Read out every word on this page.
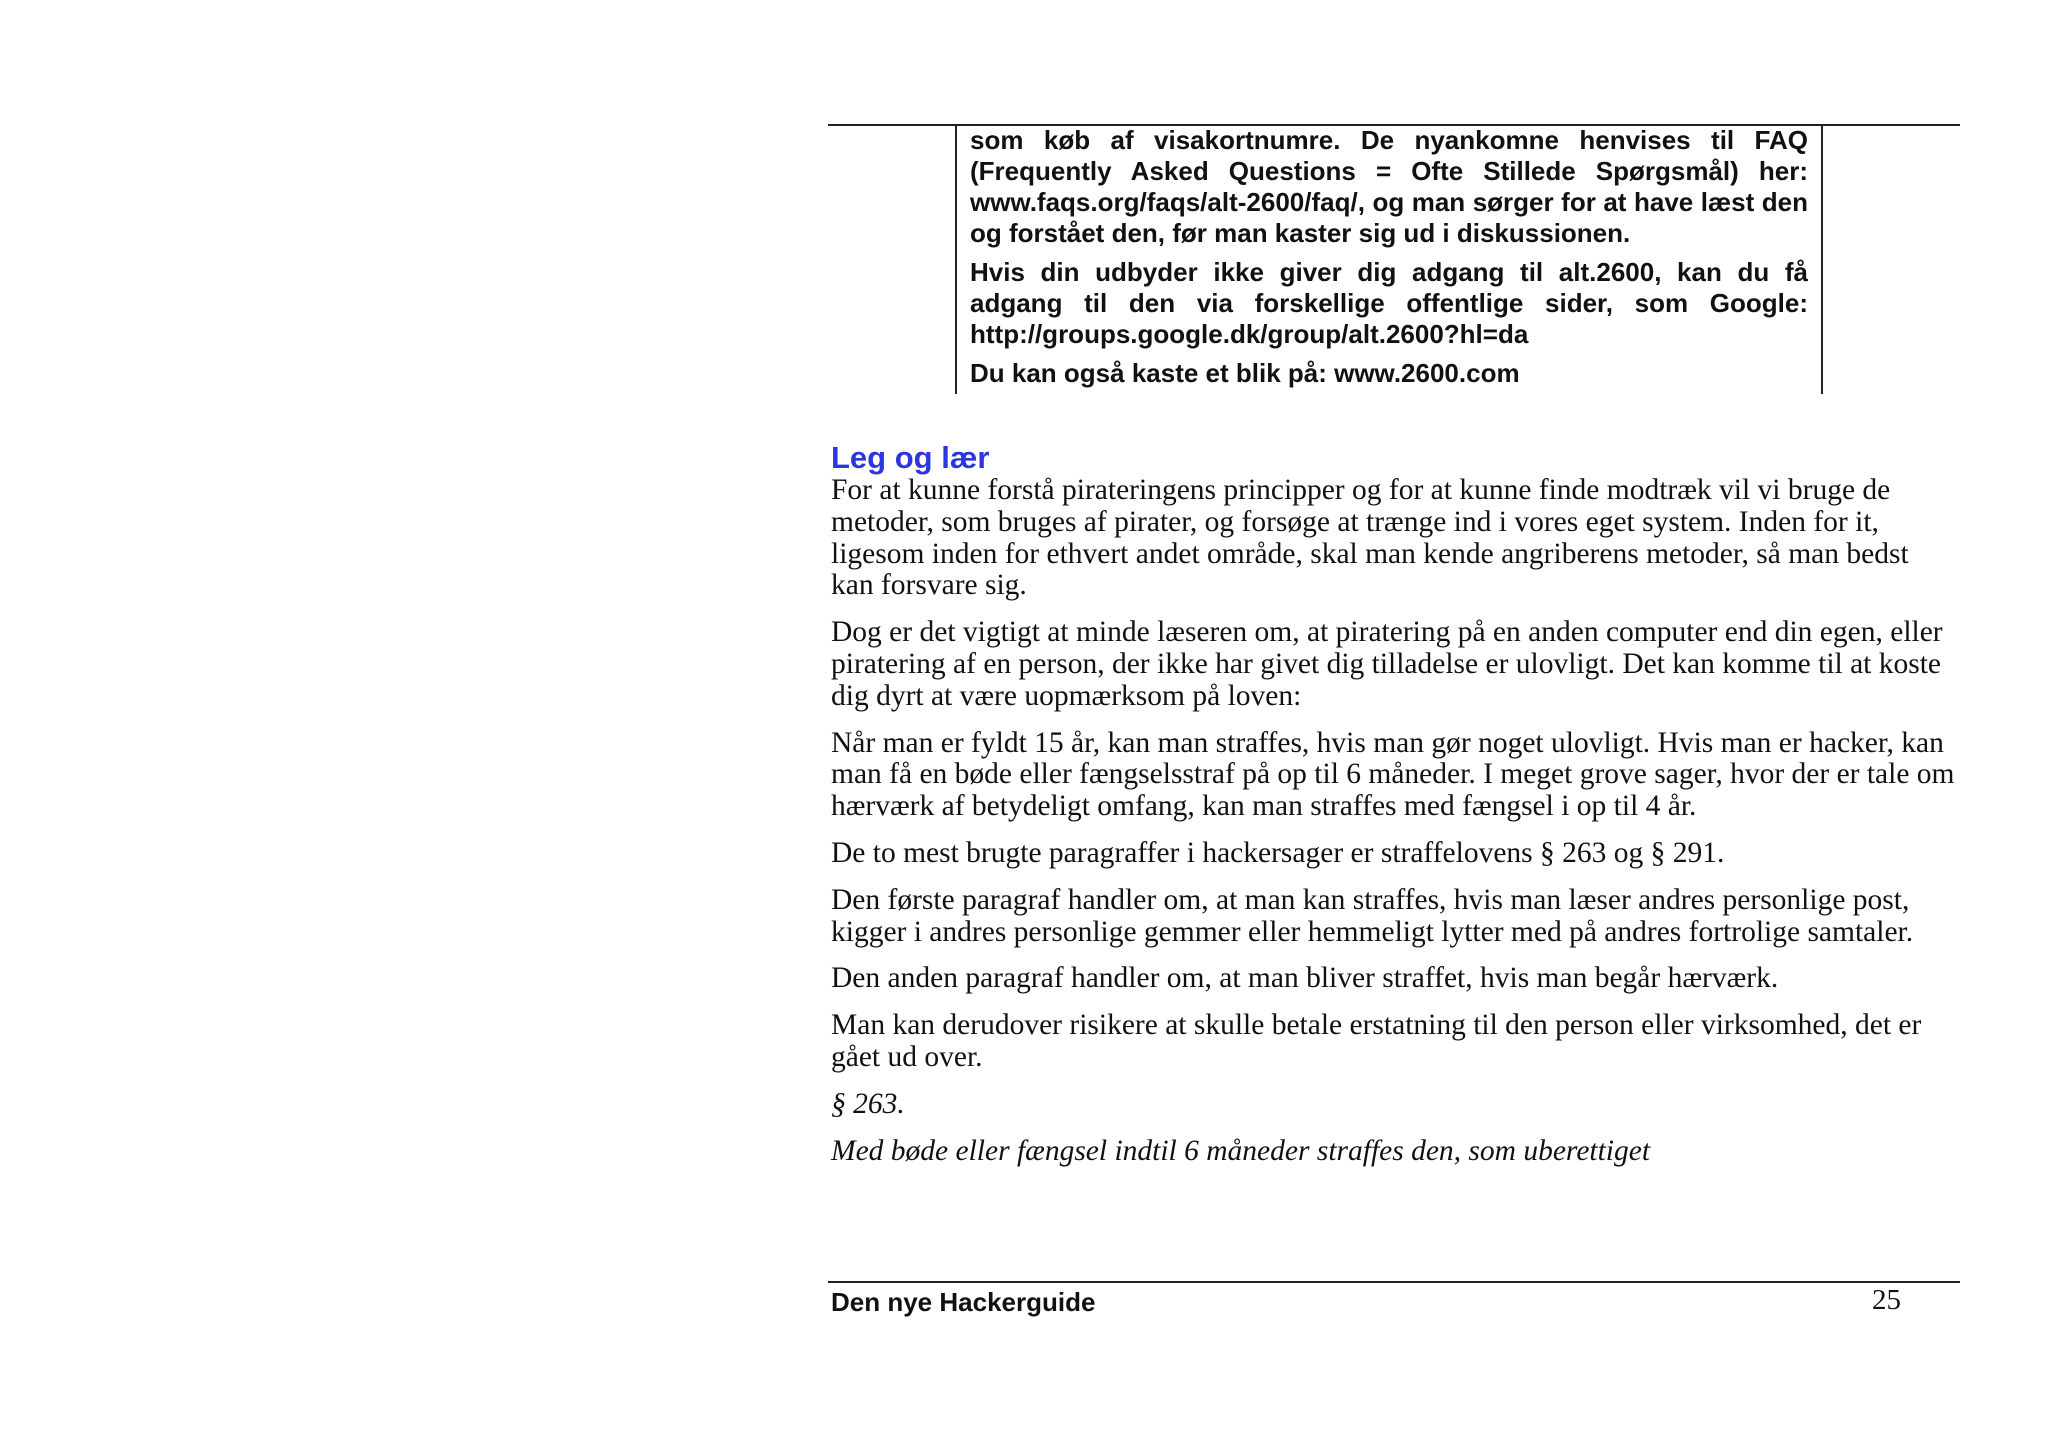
som køb af visakortnumre. De nyankomne henvises til FAQ (Frequently Asked Questions = Ofte Stillede Spørgsmål) her: www.faqs.org/faqs/alt-2600/faq/, og man sørger for at have læst den og forstået den, før man kaster sig ud i diskussionen.

Hvis din udbyder ikke giver dig adgang til alt.2600, kan du få adgang til den via forskellige offentlige sider, som Google: http://groups.google.dk/group/alt.2600?hl=da

Du kan også kaste et blik på: www.2600.com

Leg og lær

For at kunne forstå pirateringens principper og for at kunne finde modtræk vil vi bruge de metoder, som bruges af pirater, og forsøge at trænge ind i vores eget system. Inden for it, ligesom inden for ethvert andet område, skal man kende angriberens metoder, så man bedst kan forsvare sig.

Dog er det vigtigt at minde læseren om, at piratering på en anden computer end din egen, eller piratering af en person, der ikke har givet dig tilladelse er ulovligt. Det kan komme til at koste dig dyrt at være uopmærksom på loven:

Når man er fyldt 15 år, kan man straffes, hvis man gør noget ulovligt. Hvis man er hacker, kan man få en bøde eller fængselsstraf på op til 6 måneder. I meget grove sager, hvor der er tale om hærværk af betydeligt omfang, kan man straffes med fængsel i op til 4 år.

De to mest brugte paragraffer i hackersager er straffelovens § 263 og § 291.

Den første paragraf handler om, at man kan straffes, hvis man læser andres personlige post, kigger i andres personlige gemmer eller hemmeligt lytter med på andres fortrolige samtaler.

Den anden paragraf handler om, at man bliver straffet, hvis man begår hærværk.

Man kan derudover risikere at skulle betale erstatning til den person eller virksomhed, det er gået ud over.

§ 263.

Med bøde eller fængsel indtil 6 måneder straffes den, som uberettiget

Den nye Hackerguide	25
